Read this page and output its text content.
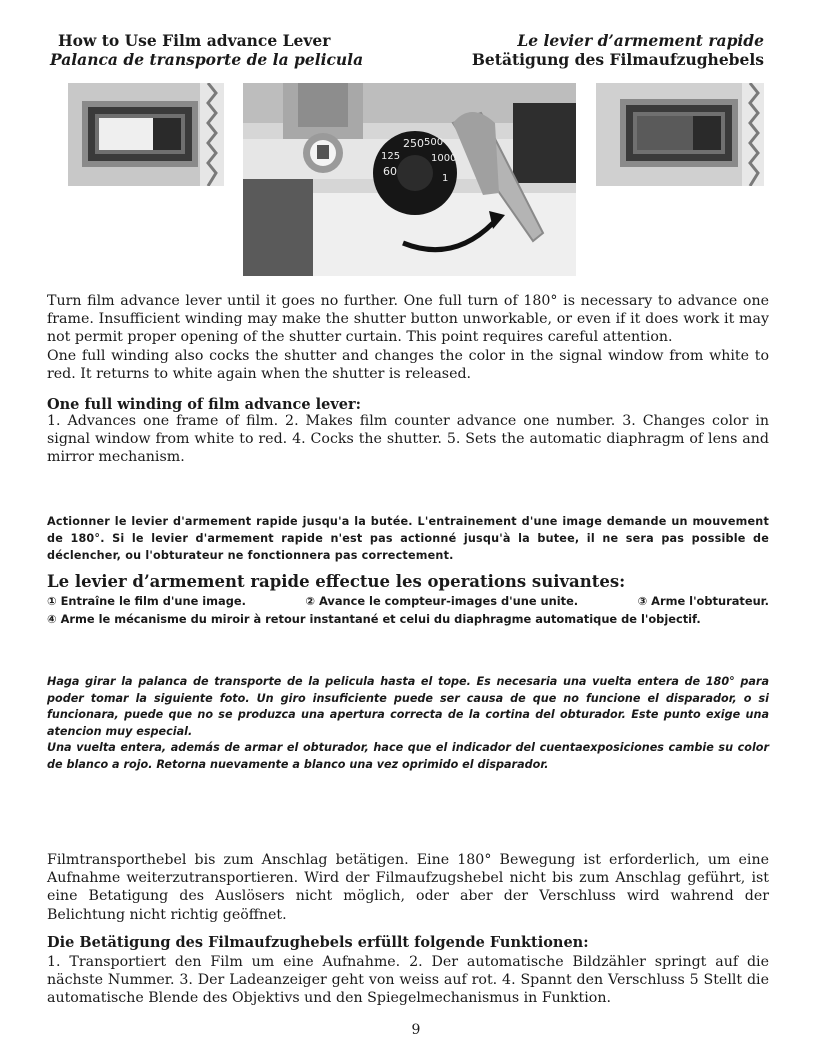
How to Use Film advance Lever
Palanca de transporte de la pelicula
Le levier d’armement rapide
Betätigung des Filmaufzughebels
250 500
1000
1
60
125

Turn film advance lever until it goes no further. One full turn of 180° is necessary to advance one frame. Insufficient winding may make the shutter button unworkable, or even if it does work it may not permit proper opening of the shutter curtain. This point requires careful attention.

One full winding also cocks the shutter and changes the color in the signal window from white to red. It returns to white again when the shutter is released.

One full winding of film advance lever:
1. Advances one frame of film. 2. Makes film counter advance one number. 3. Changes color in signal window from white to red. 4. Cocks the shutter. 5. Sets the automatic diaphragm of lens and mirror mechanism.
Actionner le levier d'armement rapide jusqu'a la butée. L'entrainement d'une image demande un mouvement de 180°. Si le levier d'armement rapide n'est pas actionné jusqu'à la butee, il ne sera pas possible de déclencher, ou l'obturateur ne fonctionnera pas correctement.
Le levier d’armement rapide effectue les operations suivantes:
① Entraîne le film d'une image.	② Avance le compteur-images d'une unite.	③ Arme l'obturateur.
④ Arme le mécanisme du miroir à retour instantané et celui du diaphragme automatique de l'objectif.

Haga girar la palanca de transporte de la pelicula hasta el tope. Es necesaria una vuelta entera de 180° para poder tomar la siguiente foto. Un giro insuficiente puede ser causa de que no funcione el disparador, o si funcionara, puede que no se produzca una apertura correcta de la cortina del obturador. Este punto exige una atencion muy especial.

Una vuelta entera, además de armar el obturador, hace que el indicador del cuentaexposiciones cambie su color de blanco a rojo. Retorna nuevamente a blanco una vez oprimido el disparador.

Filmtransporthebel bis zum Anschlag betätigen. Eine 180° Bewegung ist erforderlich, um eine Aufnahme weiterzutransportieren. Wird der Filmaufzugshebel nicht bis zum Anschlag geführt, ist eine Betatigung des Auslösers nicht möglich, oder aber der Verschluss wird wahrend der Belichtung nicht richtig geöffnet.
Die Betätigung des Filmaufzughebels erfüllt folgende Funktionen:
1. Transportiert den Film um eine Aufnahme. 2. Der automatische Bildzähler springt auf die nächste Nummer. 3. Der Ladeanzeiger geht von weiss auf rot. 4. Spannt den Verschluss 5 Stellt die automatische Blende des Objektivs und den Spiegelmechanismus in Funktion.
9
